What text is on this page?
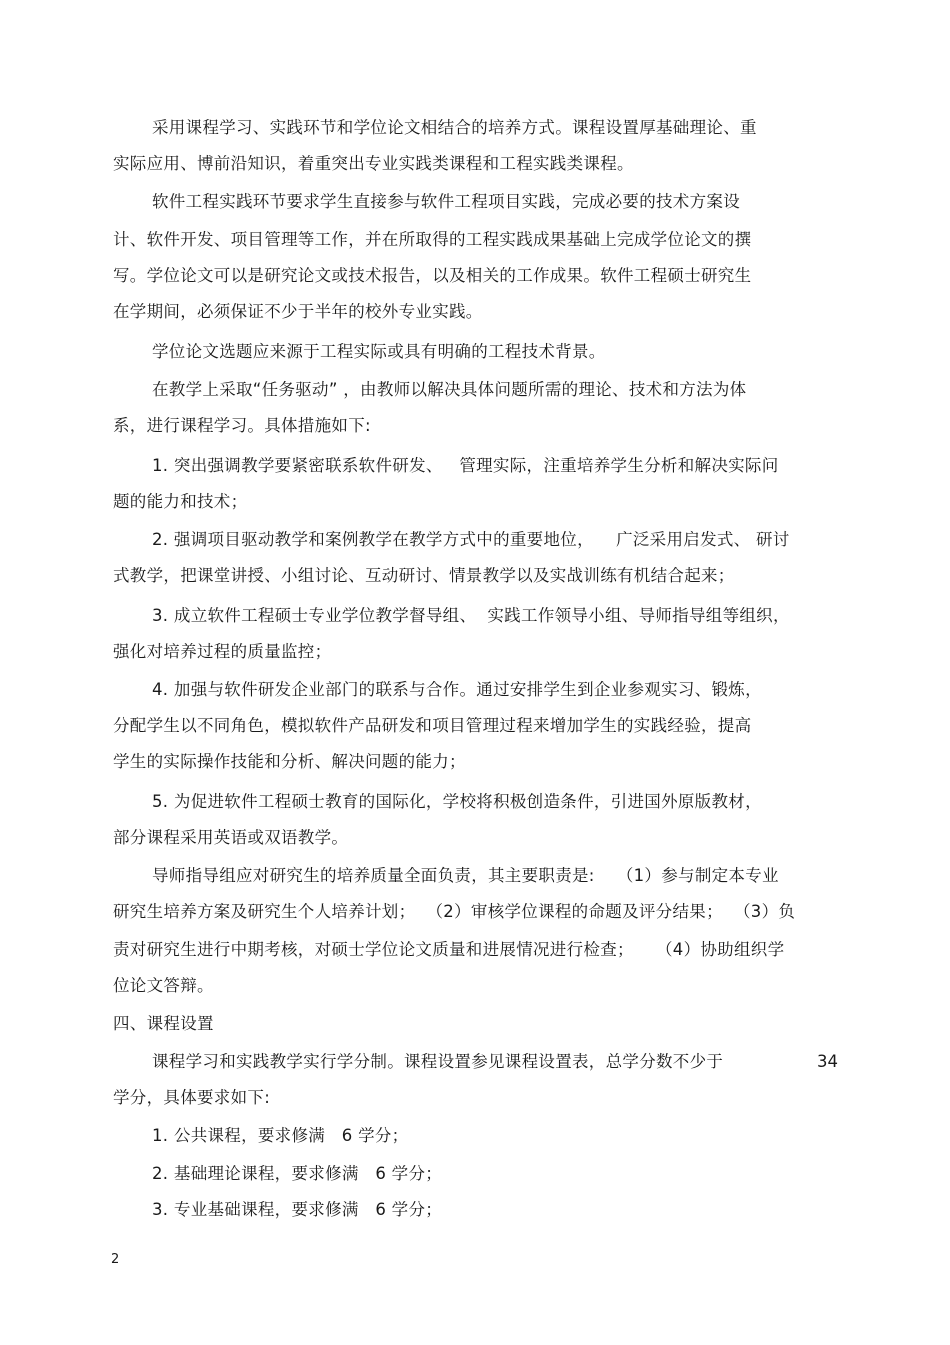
采用课程学习、实践环节和学位论文相结合的培养方式。课程设置厚基础理论、重
实际应用、博前沿知识，着重突出专业实践类课程和工程实践类课程。
软件工程实践环节要求学生直接参与软件工程项目实践，完成必要的技术方案设
计、软件开发、项目管理等工作，并在所取得的工程实践成果基础上完成学位论文的撰
写。学位论文可以是研究论文或技术报告，以及相关的工作成果。软件工程硕士研究生
在学期间，必须保证不少于半年的校外专业实践。
学位论文选题应来源于工程实际或具有明确的工程技术背景。
在教学上采取“任务驱动” ，由教师以解决具体问题所需的理论、技术和方法为体
系，进行课程学习。具体措施如下:
1. 突出强调教学要紧密联系软件研发、   管理实际，注重培养学生分析和解决实际问
题的能力和技术；
2. 强调项目驱动教学和案例教学在教学方式中的重要地位，    广泛采用启发式、 研讨
式教学，把课堂讲授、小组讨论、互动研讨、情景教学以及实战训练有机结合起来；
3. 成立软件工程硕士专业学位教学督导组、  实践工作领导小组、导师指导组等组织，
强化对培养过程的质量监控；
4. 加强与软件研发企业部门的联系与合作。通过安排学生到企业参观实习、锻炼，
分配学生以不同角色，模拟软件产品研发和项目管理过程来增加学生的实践经验，提高
学生的实际操作技能和分析、解决问题的能力；
5. 为促进软件工程硕士教育的国际化，学校将积极创造条件，引进国外原版教材，
部分课程采用英语或双语教学。
导师指导组应对研究生的培养质量全面负责，其主要职责是:    （1）参与制定本专业
研究生培养方案及研究生个人培养计划；  （2）审核学位课程的命题及评分结果；  （3）负
责对研究生进行中期考核，对硕士学位论文质量和进展情况进行检查；    （4）协助组织学
位论文答辩。
四、课程设置
课程学习和实践教学实行学分制。课程设置参见课程设置表，总学分数不少于	34
学分，具体要求如下:
1. 公共课程，要求修满   6 学分；
2. 基础理论课程，要求修满   6 学分；
3. 专业基础课程，要求修满   6 学分；
2
